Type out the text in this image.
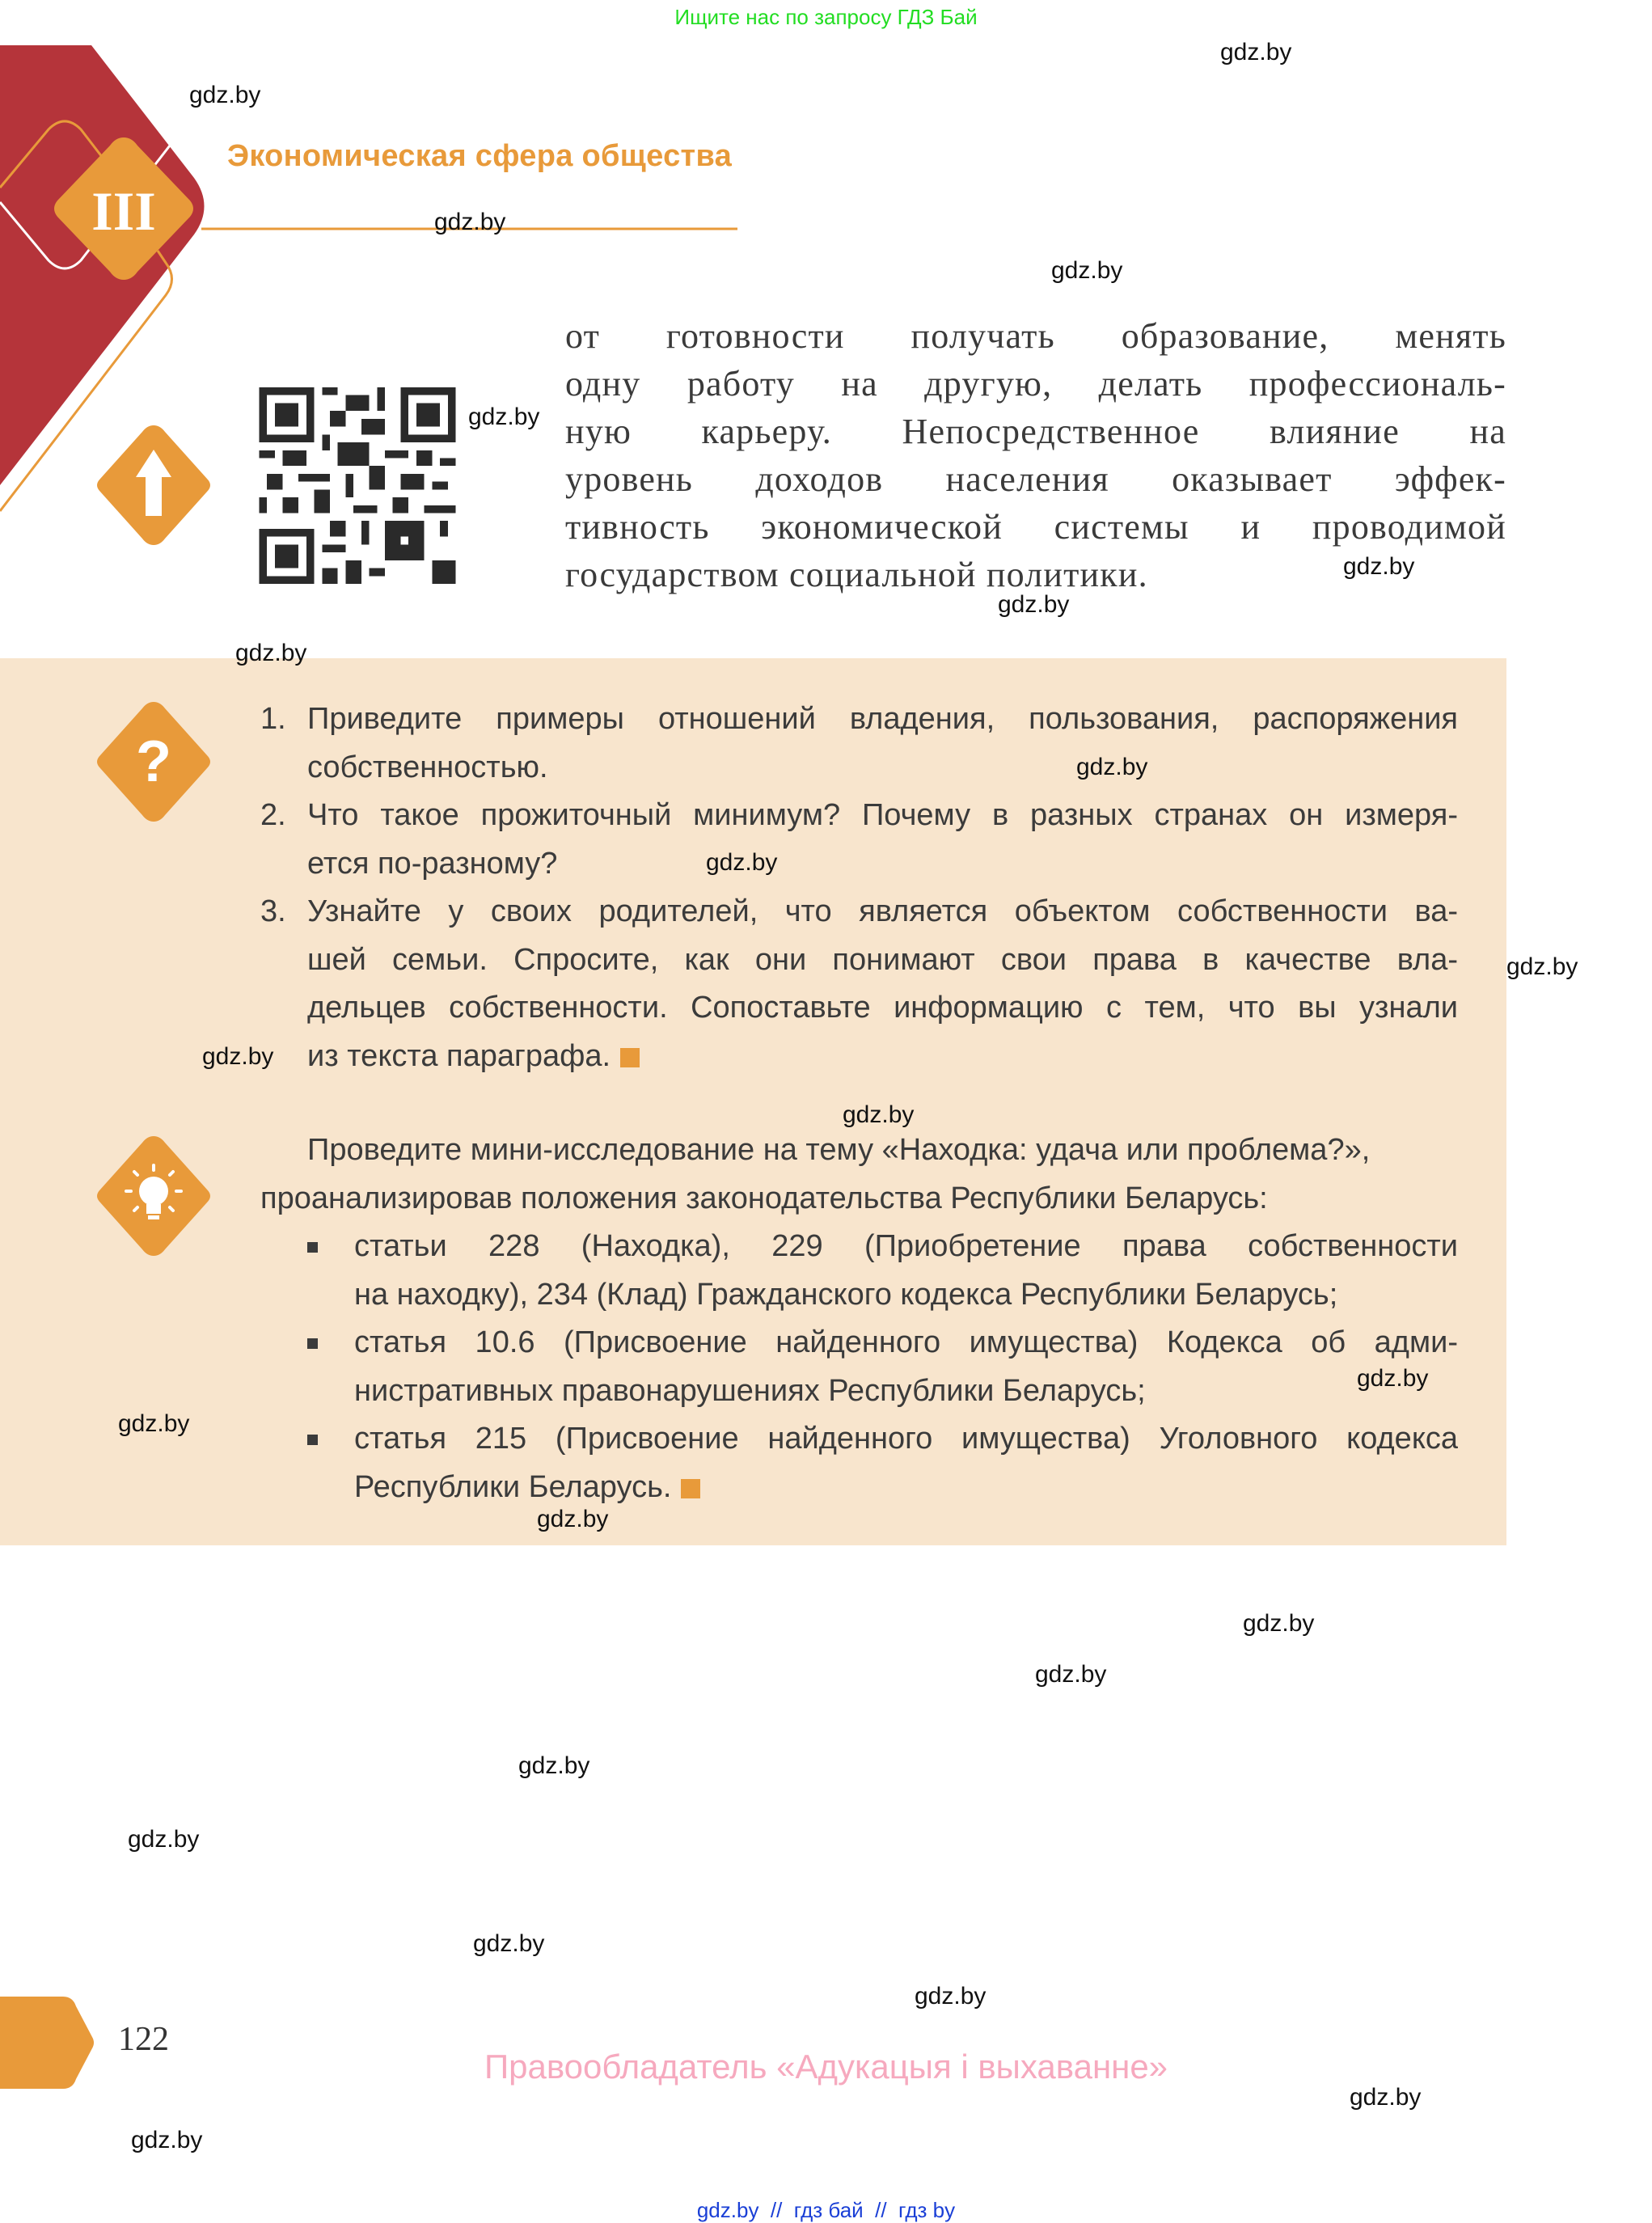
Ищите нас по запросу ГДЗ Бай
III
Экономическая сфера общества
от готовности получать образование, менять
одну работу на другую, делать профессиональ-
ную карьеру. Непосредственное влияние на
уровень доходов населения оказывает эффек-
тивность экономической системы и проводимой
государством социальной политики.
?
1. Приведите примеры отношений владения, пользования, распоряжения
собственностью.
2. Что такое прожиточный минимум? Почему в разных странах он измеря-
ется по-разному?
3. Узнайте у своих родителей, что является объектом собственности ва-
шей семьи. Спросите, как они понимают свои права в качестве вла-
дельцев собственности. Сопоставьте информацию с тем, что вы узнали
из текста параграфа.
Проведите мини-исследование на тему «Находка: удача или проблема?»,
проанализировав положения законодательства Республики Беларусь:
статьи 228 (Находка), 229 (Приобретение права собственности
на находку), 234 (Клад) Гражданского кодекса Республики Беларусь;
статья 10.6 (Присвоение найденного имущества) Кодекса об адми-
нистративных правонарушениях Республики Беларусь;
статья 215 (Присвоение найденного имущества) Уголовного кодекса
Республики Беларусь.
122
Правообладатель «Адукацыя і выхаванне»
gdz.by  //  гдз бай  //  гдз by
gdz.by
gdz.by
gdz.by
gdz.by
gdz.by
gdz.by
gdz.by
gdz.by
gdz.by
gdz.by
gdz.by
gdz.by
gdz.by
gdz.by
gdz.by
gdz.by
gdz.by
gdz.by
gdz.by
gdz.by
gdz.by
gdz.by
gdz.by
gdz.by
